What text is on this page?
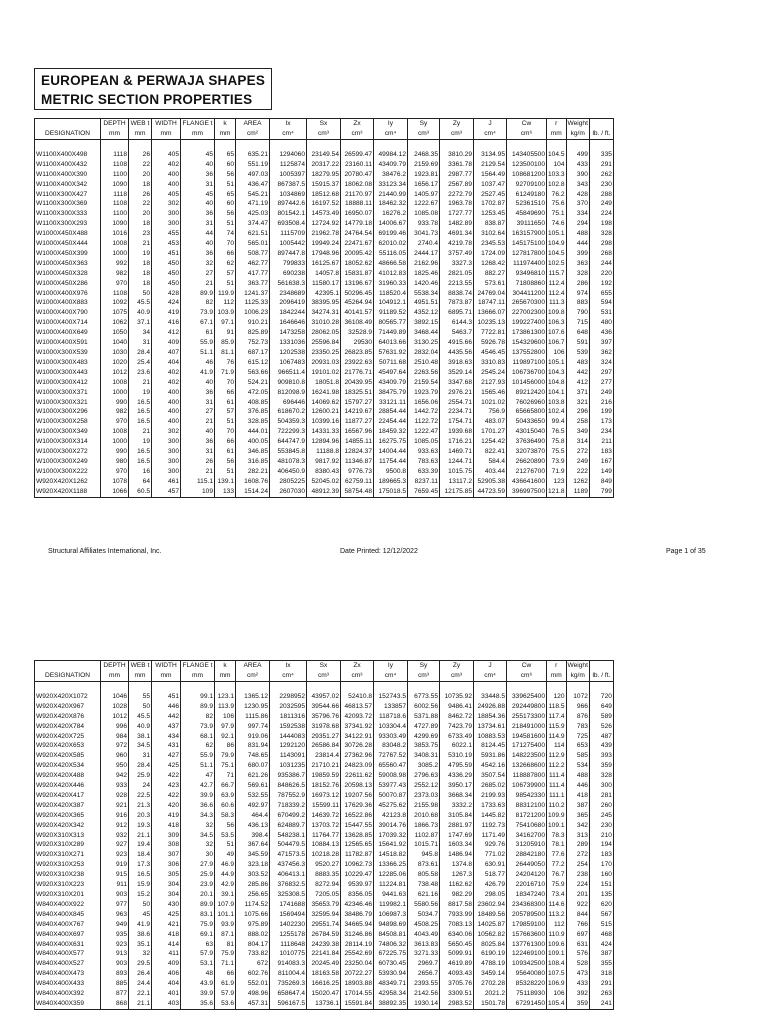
EUROPEAN & PERWAJA SHAPES
METRIC SECTION PROPERTIES
	DEPTH	WEB t	WIDTH	FLANGE t	k	AREA	Ix	Sx	Zx	Iy	Sy	Zy	J	Cw	r	Weight	
DESIGNATION	mm	mm	mm	mm	mm	cm²	cm⁴	cm³	cm³	cm⁴	cm³	cm³	cm⁴	cm⁶	mm	kg/m	lb. / ft.

W1100X400X498	1118	26	405	45	65	635.21	1294060	23149.54	26599.47	49984.12	2468.35	3810.29	3134.95	143405500	104.5	499	335
W1100X400X432	1108	22	402	40	60	551.19	1125874	20317.22	23160.11	43409.79	2159.69	3361.78	2129.54	123500100	104	433	291
W1100X400X390	1100	20	400	36	56	497.03	1005397	18279.95	20780.47	38476.2	1923.81	2987.77	1564.49	108681200	103.3	390	262
W1100X400X342	1090	18	400	31	51	436.47	867387.5	15915.37	18062.08	33123.34	1656.17	2567.89	1037.47	92709100	102.8	343	230
W1100X300X427	1118	26	405	45	65	545.21	1034869	18512.68	21170.97	21440.99	1405.97	2272.79	2527.45	61249180	76.2	428	288
W1100X300X369	1108	22	302	40	60	471.19	897442.6	16197.52	18888.11	18462.32	1222.67	1963.78	1702.87	52361510	75.6	370	249
W1100X300X333	1100	20	300	36	56	425.03	801542.1	14573.49	16950.07	16276.2	1085.08	1727.77	1253.45	45849690	75.1	334	224
W1100X300X293	1090	18	300	31	51	374.47	693508.4	12724.92	14779.18	14006.67	933.78	1482.89	838.87	39111650	74.6	294	198
W1000X450X488	1016	23	455	44	74	621.51	1115709	21962.78	24764.54	69199.46	3041.73	4691.34	3102.64	163157900	105.1	488	328
W1000X450X444	1008	21	453	40	70	565.01	1005442	19949.24	22471.67	62010.02	2740.4	4219.78	2345.53	145175100	104.9	444	298
W1000X450X399	1000	19	451	36	66	508.77	897447.8	17948.96	20095.42	55116.05	2444.17	3757.49	1724.09	127817800	104.5	399	268
W1000X450X363	992	18	450	32	62	462.77	799833	16125.67	18052.62	48666.58	2162.96	3327.3	1268.42	111974400	102.5	363	244
W1000X450X328	982	18	450	27	57	417.77	690238	14057.8	15831.87	41012.83	1825.46	2821.05	882.27	93496810	115.7	328	220
W1000X450X286	970	18	450	21	51	363.77	561638.3	11580.17	13196.67	31960.33	1420.46	2213.55	573.61	71808860	112.4	286	192
W1000X400X976	1108	50	428	89.9	119.9	1241.37	2348689	42395.1	50296.45	118520.4	5538.34	8838.74	24769.04	304411200	112.4	974	655
W1000X400X883	1092	45.5	424	82	112	1125.33	2096419	38395.95	45264.94	104912.1	4951.51	7873.87	18747.11	265670300	111.3	883	594
W1000X400X790	1075	40.9	419	73.9	103.9	1006.23	1842244	34274.31	40141.57	91189.52	4352.12	6895.71	13666.07	227002300	109.8	790	531
W1000X400X714	1062	37.1	416	67.1	97.1	910.21	1646646	31010.28	36108.49	80565.77	3892.15	6144.3	10235.13	199227400	106.3	715	480
W1000X400X649	1050	34	412	61	91	825.89	1473258	28062.05	32528.9	71449.89	3468.44	5463.7	7722.81	173861300	107.6	648	436
W1000X400X591	1040	31	409	55.9	85.9	752.73	1331036	25596.84	29530	64013.66	3130.25	4915.66	5926.78	154329600	106.7	591	397
W1000X300X539	1030	28.4	407	51.1	81.1	687.17	1202538	23350.25	26823.85	57631.92	2832.04	4435.56	4546.45	137552800	106	539	362
W1000X300X483	1020	25.4	404	46	76	615.12	1067483	20931.03	23922.63	50711.68	2510.48	3918.63	3310.83	119897100	105.1	483	324
W1000X300X443	1012	23.6	402	41.9	71.9	563.66	966511.4	19101.02	21776.71	45497.64	2263.56	3529.14	2545.24	106736700	104.3	442	297
W1000X300X412	1008	21	402	40	70	524.21	909810.8	18051.8	20439.95	43409.79	2159.54	3347.68	2127.93	101456000	104.8	412	277
W1000X300X371	1000	19	400	36	66	472.05	812098.9	16241.98	18325.51	38475.79	1923.79	2976.21	1565.46	89212420	104.1	371	249
W1000X300X321	990	16.5	400	31	61	408.85	696446	14069.62	15797.27	33121.11	1656.06	2554.71	1021.02	76026960	103.8	321	216
W1000X300X296	982	16.5	400	27	57	376.85	618670.2	12600.21	14219.67	28854.44	1442.72	2234.71	756.9	65665800	102.4	296	199
W1000X300X258	970	16.5	400	21	51	328.85	504359.3	10399.16	11877.27	22454.44	1122.72	1754.71	483.07	50433650	99.4	258	173
W1000X300X349	1008	21	302	40	70	444.01	722299.3	14331.33	16567.96	18459.32	1222.47	1939.68	1701.27	43015040	76.5	349	234
W1000X300X314	1000	19	300	36	66	400.05	644747.9	12894.96	14855.11	16275.75	1085.05	1716.21	1254.42	37636490	75.8	314	211
W1000X300X272	990	16.5	300	31	61	346.85	553845.8	11188.8	12824.37	14004.44	933.63	1469.71	822.41	32073870	75.5	272	183
W1000X300X249	980	16.5	300	26	56	316.85	481078.3	9817.92	11346.87	11754.44	783.63	1244.71	584.4	26620890	73.9	249	167
W1000X300X222	970	16	300	21	51	282.21	406450.9	8380.43	9776.73	9500.8	633.39	1015.75	403.44	21276700	71.9	222	149
W920X420X1262	1078	64	461	115.1	139.1	1608.76	2805225	52045.02	62759.11	189665.3	8237.11	13117.2	52905.38	436641600	123	1262	849
W920X420X1188	1066	60.5	457	109	133	1514.24	2607030	48912.39	58754.48	175018.5	7659.45	12175.85	44723.59	396997500	121.8	1189	799
Structural Affiliates International, Inc.	Date Printed: 12/12/2022	Page 1 of 35
	DEPTH	WEB t	WIDTH	FLANGE t	k	AREA	Ix	Sx	Zx	Iy	Sy	Zy	J	Cw	r	Weight	
DESIGNATION	mm	mm	mm	mm	mm	cm²	cm⁴	cm³	cm³	cm⁴	cm³	cm³	cm⁴	cm⁶	mm	kg/m	lb. / ft.

W920X420X1072	1046	55	451	99.1	123.1	1365.12	2298952	43957.02	52410.8	152743.5	6773.55	10735.92	33448.5	339625400	120	1072	720
W920X420X967	1028	50	446	89.9	113.9	1230.95	2032595	39544.66	46813.57	133857	6002.56	9486.41	24926.88	292449800	118.5	966	649
W920X420X876	1012	45.5	442	82	106	1115.86	1811316	35796.76	42093.72	118718.6	5371.88	8462.72	18854.36	255173300	117.4	876	589
W920X420X784	996	40.9	437	73.9	97.9	997.74	1592538	31978.68	37341.92	103304.4	4727.89	7423.79	13734.61	218491000	115.9	783	526
W920X420X725	984	38.1	434	68.1	92.1	919.06	1444083	29351.27	34122.91	93303.49	4299.69	6733.49	10883.53	194581600	114.9	725	487
W920X420X653	972	34.5	431	62	86	831.94	1292120	26586.84	30726.28	83048.2	3853.75	6022.1	8124.45	171275400	114	653	439
W920X420X585	960	31	427	55.9	79.9	748.65	1143091	23814.4	27362.96	72767.52	3408.31	5310.19	5931.86	148223500	112.9	585	393
W920X420X534	950	28.4	425	51.1	75.1	680.07	1031235	21710.21	24823.09	65560.47	3085.2	4795.59	4542.16	132668600	112.2	534	359
W920X420X488	942	25.9	422	47	71	621.26	935386.7	19859.59	22611.62	59008.98	2796.63	4336.29	3507.54	118887800	111.4	488	328
W920X420X446	933	24	423	42.7	66.7	569.61	848626.5	18152.76	20598.13	53977.43	2552.12	3950.17	2685.02	106739900	111.4	446	300
W920X420X417	928	22.5	422	39.9	63.9	532.55	787552.9	16973.12	19207.56	50070.87	2373.03	3668.34	2199.93	98542330	111.1	418	281
W920X420X387	921	21.3	420	36.6	60.6	492.97	718339.2	15599.11	17629.36	45275.62	2155.98	3332.2	1733.63	88312100	110.2	387	260
W920X420X365	916	20.3	419	34.3	58.3	464.4	670499.2	14639.72	16522.86	42123.8	2010.68	3105.84	1445.82	81721200	109.9	365	245
W920X420X342	912	19.3	418	32	56	436.13	624889.7	13703.72	15447.55	39014.76	1866.73	2881.97	1192.73	75410680	109.1	342	230
W920X310X313	932	21.1	309	34.5	53.5	398.4	548238.1	11764.77	13628.85	17039.32	1102.87	1747.69	1171.49	34162700	78.3	313	210
W920X310X289	927	19.4	308	32	51	367.64	504479.5	10884.13	12565.65	15641.92	1015.71	1603.34	929.76	31205910	78.1	289	194
W920X310X271	923	18.4	307	30	49	345.59	471573.5	10218.28	11782.87	14518.82	945.8	1486.94	771.02	28842180	77.6	272	183
W920X310X253	919	17.3	306	27.9	46.9	323.18	437456.3	9520.27	10962.73	13366.25	873.61	1374.8	630.91	26449050	77.2	254	170
W920X310X238	915	16.5	305	25.9	44.9	303.52	406413.1	8883.35	10229.47	12285.06	805.58	1267.3	518.77	24204120	76.7	238	160
W920X310X223	911	15.9	304	23.9	42.9	285.86	376832.5	8272.94	9539.97	11224.81	738.48	1162.62	426.79	22016710	75.9	224	151
W920X310X201	903	15.2	304	20.1	39.1	256.65	325308.5	7205.05	8356.05	9441.63	621.16	982.29	298.05	18347240	73.4	201	135
W840X400X922	977	50	430	89.9	107.9	1174.52	1741688	35653.79	42346.46	119982.1	5580.56	8817.58	23602.94	234368300	114.6	922	620
W840X400X845	963	45	425	83.1	101.1	1075.66	1569494	32595.94	38486.79	106987.3	5034.7	7933.99	18489.56	205789500	113.2	844	567
W840X400X767	949	41.9	421	75.9	93.9	975.89	1402230	29551.74	34665.94	94898.69	4508.25	7083.13	14025.87	179859100	112	766	515
W840X400X697	935	38.6	418	69.1	87.1	888.02	1255178	26784.59	31246.86	84508.81	4043.49	6340.06	10562.82	157663600	110.9	697	468
W840X400X631	923	35.1	414	63	81	804.17	1118648	24239.38	28114.19	74806.32	3613.83	5650.45	8025.84	137761300	109.6	631	424
W840X400X577	913	32	411	57.9	75.9	733.82	1010775	22141.84	25542.69	67225.75	3271.33	5099.91	6190.19	122469100	109.1	576	387
W840X400X527	903	29.5	409	53.1	71.1	672	914083.3	20245.49	23250.04	60730.45	2969.7	4619.89	4788.19	109342500	108.4	528	355
W840X400X473	893	26.4	406	48	66	602.76	811004.4	18163.58	20722.27	53930.94	2656.7	4093.43	3459.14	95640080	107.5	473	318
W840X400X433	885	24.4	404	43.9	61.9	552.01	735269.3	16616.25	18903.88	48349.71	2393.55	3705.76	2702.28	85328220	106.9	433	291
W840X400X392	877	22.1	401	39.9	57.9	498.96	658647.4	15020.47	17014.55	42958.34	2142.56	3309.51	2021.2	75118930	106	392	263
W840X400X359	868	21.1	403	35.6	53.6	457.31	596167.5	13736.1	15591.84	38892.35	1930.14	2983.52	1501.78	67291450	105.4	359	241
